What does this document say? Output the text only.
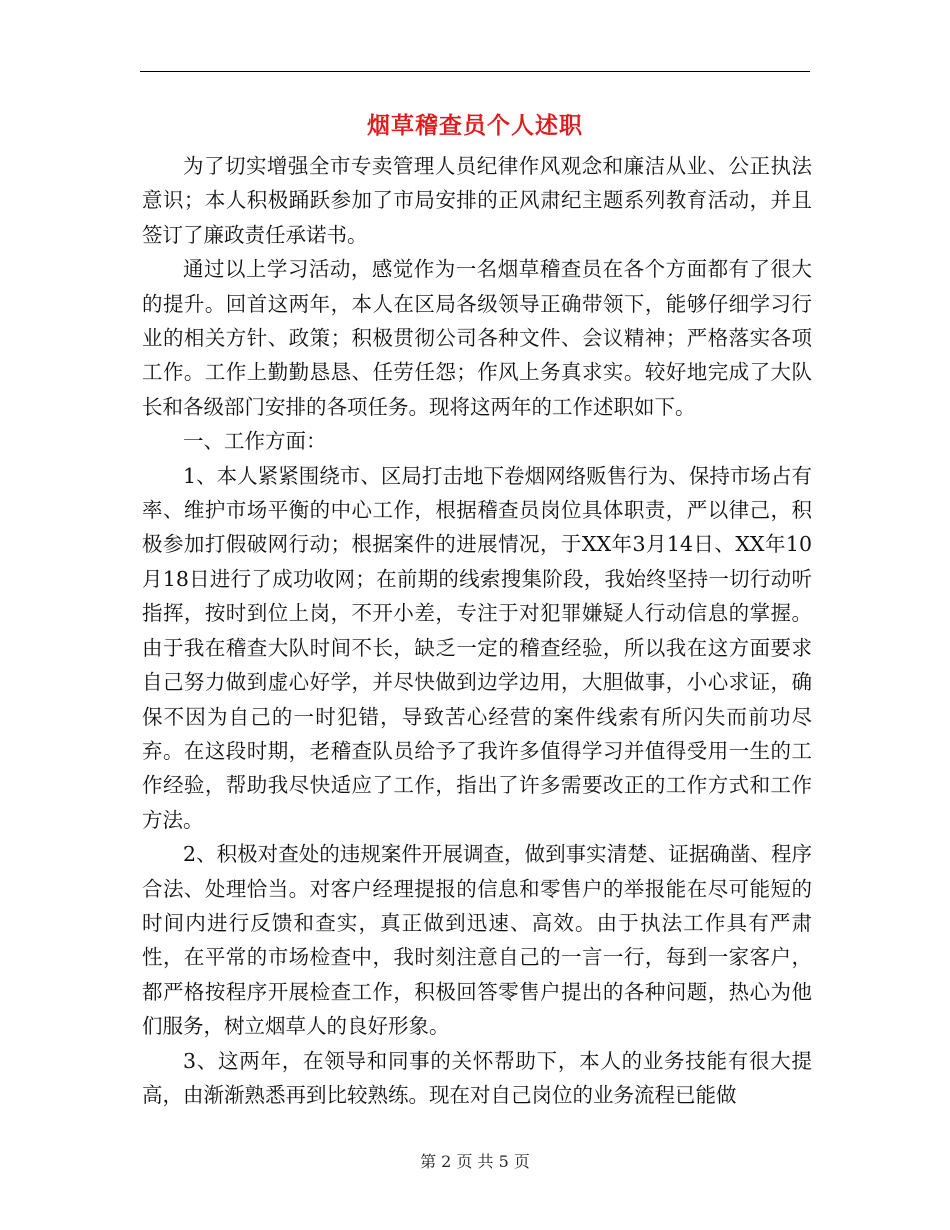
烟草稽查员个人述职

为了切实增强全市专卖管理人员纪律作风观念和廉洁从业、公正执法意识；本人积极踊跃参加了市局安排的正风肃纪主题系列教育活动，并且签订了廉政责任承诺书。

通过以上学习活动，感觉作为一名烟草稽查员在各个方面都有了很大的提升。回首这两年，本人在区局各级领导正确带领下，能够仔细学习行业的相关方针、政策；积极贯彻公司各种文件、会议精神；严格落实各项工作。工作上勤勤恳恳、任劳任怨；作风上务真求实。较好地完成了大队长和各级部门安排的各项任务。现将这两年的工作述职如下。

一、工作方面：

1、本人紧紧围绕市、区局打击地下卷烟网络贩售行为、保持市场占有率、维护市场平衡的中心工作，根据稽查员岗位具体职责，严以律己，积极参加打假破网行动；根据案件的进展情况，于XX年3月14日、XX年10月18日进行了成功收网；在前期的线索搜集阶段，我始终坚持一切行动听指挥，按时到位上岗，不开小差，专注于对犯罪嫌疑人行动信息的掌握。由于我在稽查大队时间不长，缺乏一定的稽查经验，所以我在这方面要求自己努力做到虚心好学，并尽快做到边学边用，大胆做事，小心求证，确保不因为自己的一时犯错，导致苦心经营的案件线索有所闪失而前功尽弃。在这段时期，老稽查队员给予了我许多值得学习并值得受用一生的工作经验，帮助我尽快适应了工作，指出了许多需要改正的工作方式和工作方法。

2、积极对查处的违规案件开展调查，做到事实清楚、证据确凿、程序合法、处理恰当。对客户经理提报的信息和零售户的举报能在尽可能短的时间内进行反馈和查实，真正做到迅速、高效。由于执法工作具有严肃性，在平常的市场检查中，我时刻注意自己的一言一行，每到一家客户，都严格按程序开展检查工作，积极回答零售户提出的各种问题，热心为他们服务，树立烟草人的良好形象。

3、这两年，在领导和同事的关怀帮助下，本人的业务技能有很大提高，由渐渐熟悉再到比较熟练。现在对自己岗位的业务流程已能做

第 2 页 共 5 页
